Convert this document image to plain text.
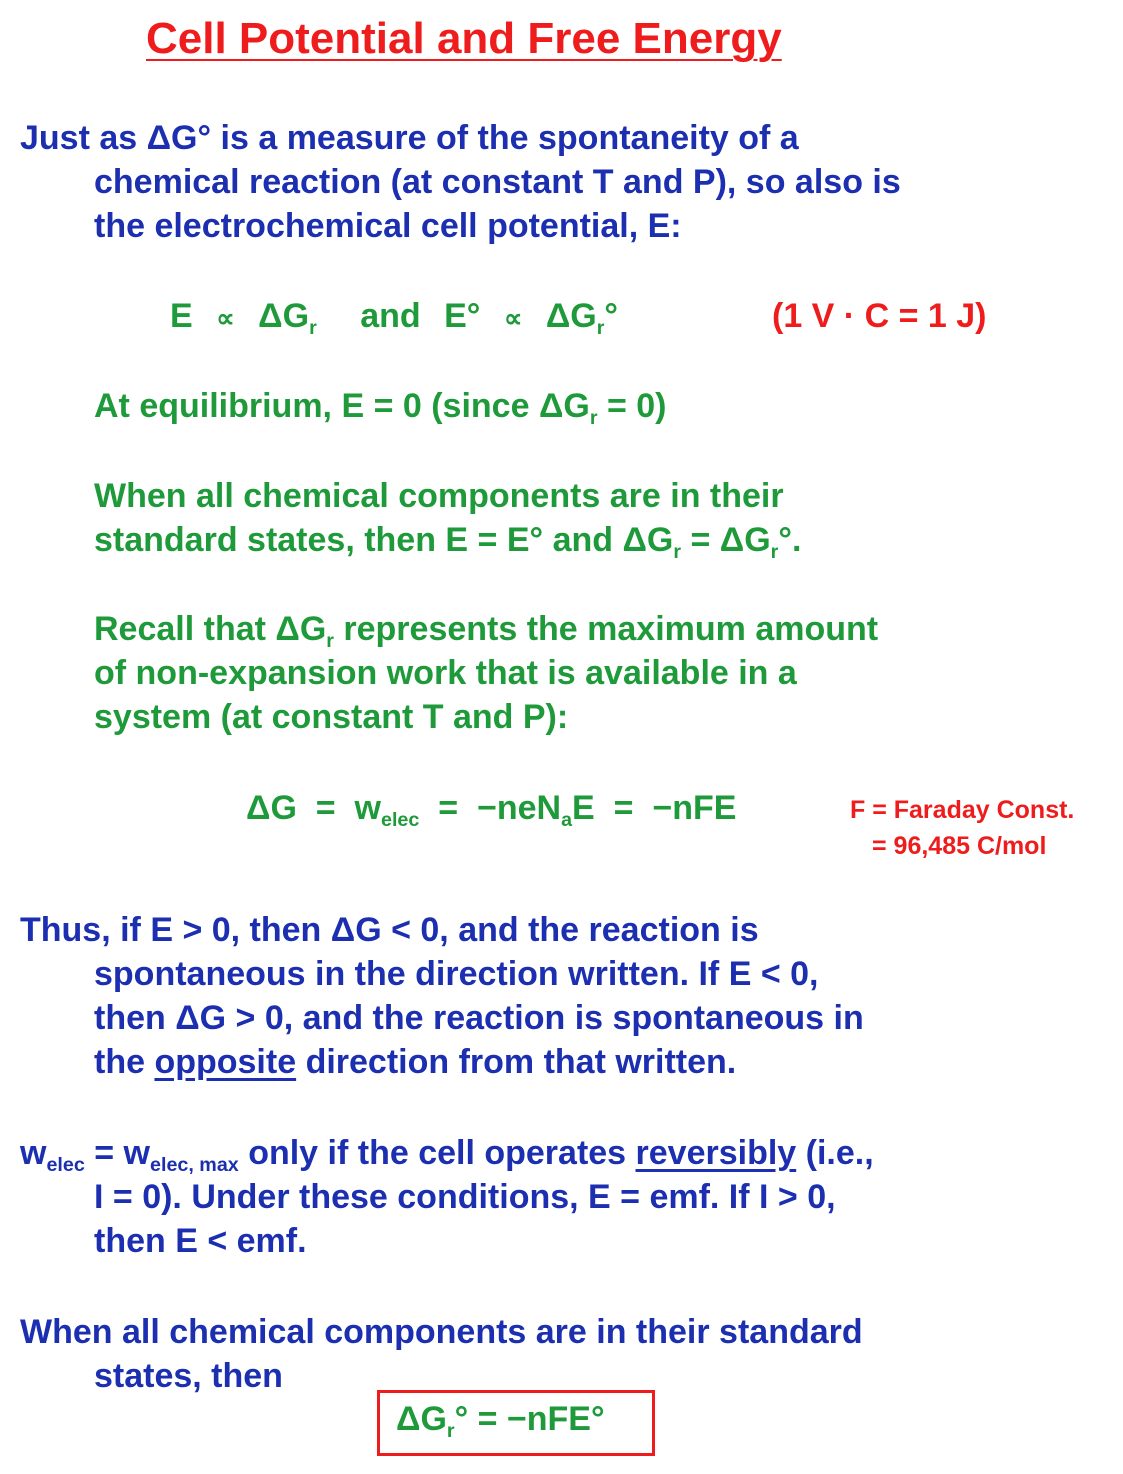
Cell Potential and Free Energy
Just as ΔG° is a measure of the spontaneity of a
chemical reaction (at constant T and P), so also is
the electrochemical cell potential, E:
$E \propto \Delta G_r$ and $E^\circ \propto \Delta G_r^\circ$	(1 V · C = 1 J)
At equilibrium, E = 0 (since $\Delta G_r = 0$)
When all chemical components are in their
standard states, then E = E° and $\Delta G_r = \Delta G_r^\circ$.
Recall that $\Delta G_r$ represents the maximum amount
of non-expansion work that is available in a
system (at constant T and P):
$\Delta G = w_{elec} = -neN_aE = -nFE$	F = Faraday Const.
= 96,485 C/mol
Thus, if E > 0, then ΔG < 0, and the reaction is
spontaneous in the direction written. If E < 0,
then ΔG > 0, and the reaction is spontaneous in
the opposite direction from that written.
$w_{elec} = w_{elec, max}$ only if the cell operates reversibly (i.e.,
I = 0). Under these conditions, E = emf. If I > 0,
then E < emf.
When all chemical components are in their standard
states, then
$\Delta G_r^\circ = -nFE^\circ$
